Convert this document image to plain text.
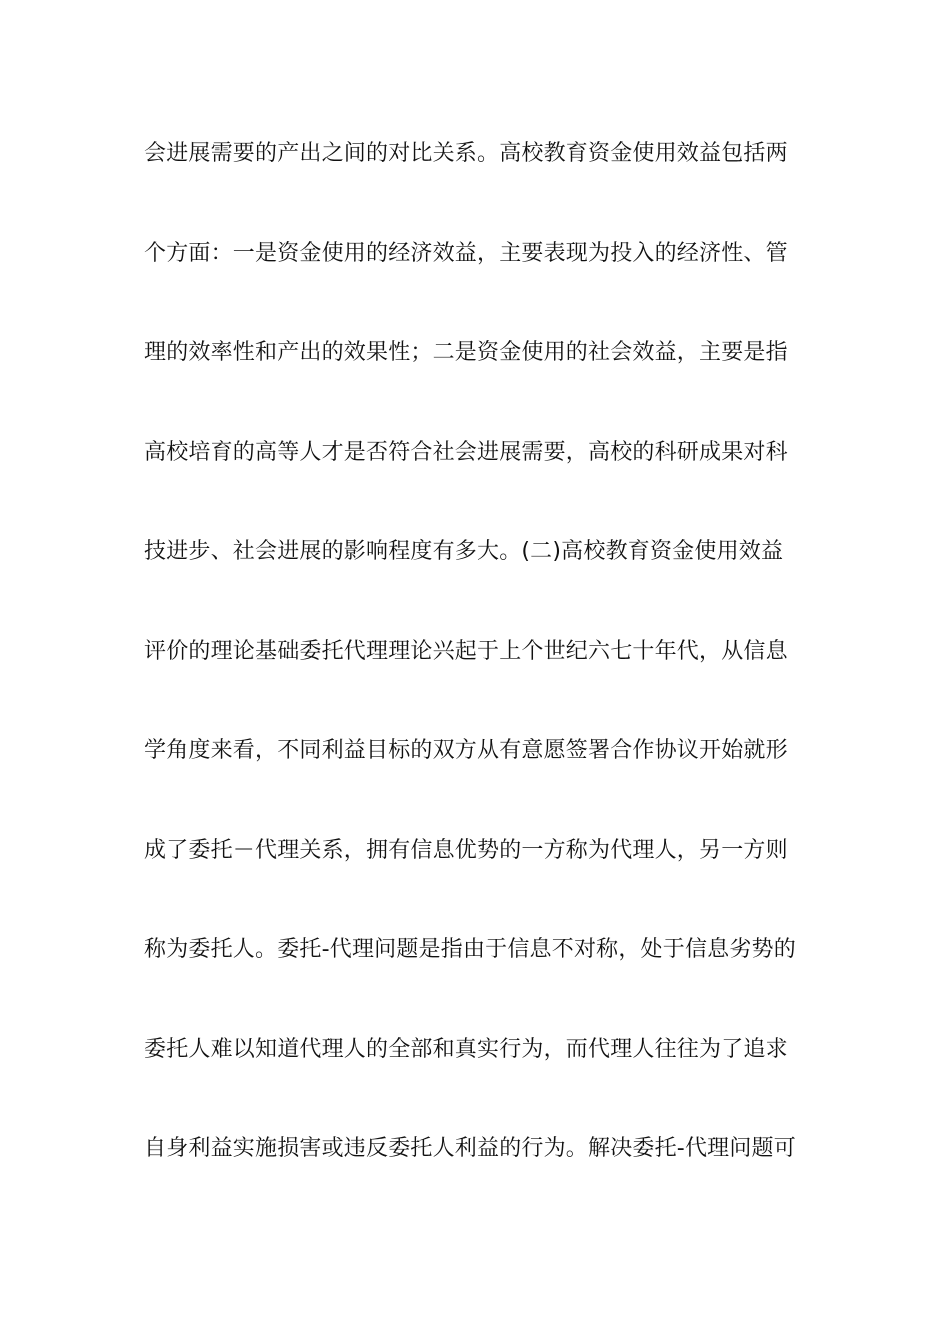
会进展需要的产出之间的对比关系。高校教育资金使用效益包括两
个方面：一是资金使用的经济效益，主要表现为投入的经济性、管
理的效率性和产出的效果性；二是资金使用的社会效益，主要是指
高校培育的高等人才是否符合社会进展需要，高校的科研成果对科
技进步、社会进展的影响程度有多大。(二)高校教育资金使用效益
评价的理论基础委托代理理论兴起于上个世纪六七十年代，从信息
学角度来看，不同利益目标的双方从有意愿签署合作协议开始就形
成了委托－代理关系，拥有信息优势的一方称为代理人，另一方则
称为委托人。委托-代理问题是指由于信息不对称，处于信息劣势的
委托人难以知道代理人的全部和真实行为，而代理人往往为了追求
自身利益实施损害或违反委托人利益的行为。解决委托-代理问题可
